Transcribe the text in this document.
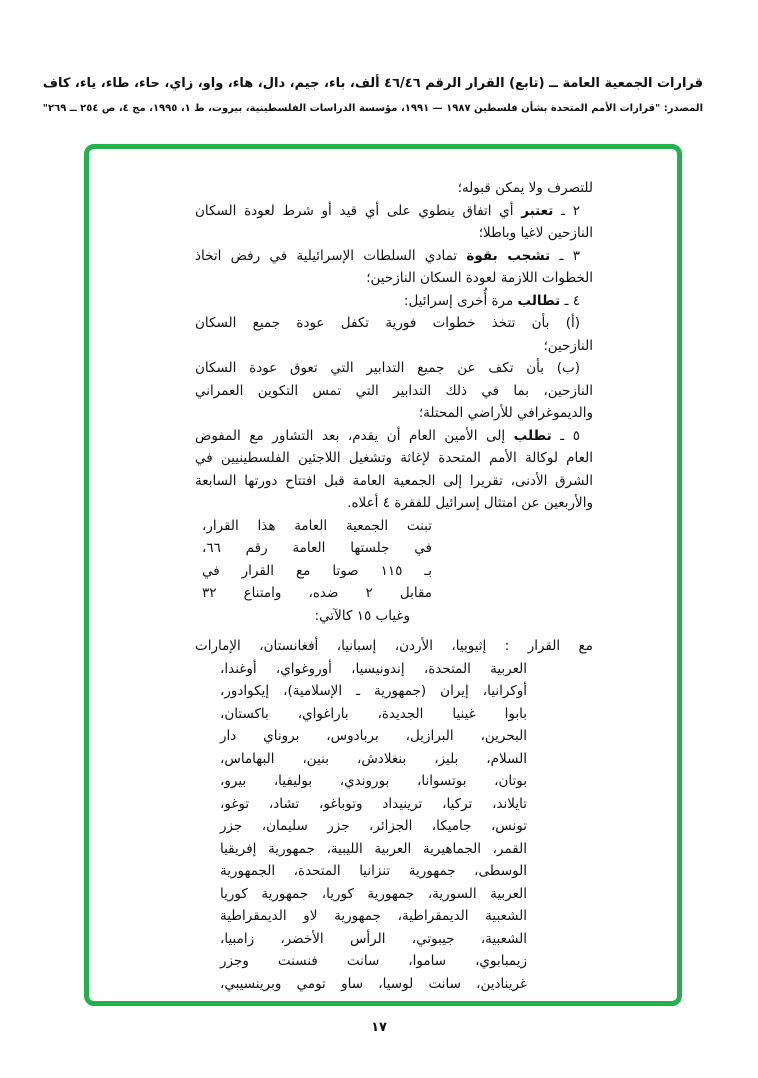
قرارات الجمعية العامة ــ (تابع) القرار الرقم ٤٦/٤٦ ألف، باء، جيم، دال، هاء، واو، زاي، حاء، طاء، ياء، كاف
المصدر: "قرارات الأمم المتحدة بشأن فلسطين ١٩٨٧ — ١٩٩١، مؤسسة الدراسات الفلسطينية، بيروت، ط ١، ١٩٩٥، مج ٤، ص ٢٥٤ ــ ٢٦٩"
للتصرف ولا يمكن قبوله؛
٢ ـ تعتبر أي اتفاق ينطوي على أي قيد أو شرط لعودة السكان
النازحين لاغيا وباطلا؛
٣ ـ تشجب بقوة تمادي السلطات الإسرائيلية في رفض اتخاذ
الخطوات اللازمة لعودة السكان النازحين؛
٤ ـ تطالب مرة أُخرى إسرائيل:
(أ) بأن تتخذ خطوات فورية تكفل عودة جميع السكان
النازحين؛
(ب) بأن تكف عن جميع التدابير التي تعوق عودة السكان
النازحين، بما في ذلك التدابير التي تمس التكوين العمراني
والديموغرافي للأراضي المحتلة؛
٥ ـ تطلب إلى الأمين العام أن يقدم، بعد التشاور مع المفوض
العام لوكالة الأمم المتحدة لإغاثة وتشغيل اللاجئين الفلسطينيين في
الشرق الأدنى، تقريرا إلى الجمعية العامة قبل افتتاح دورتها السابعة
والأربعين عن امتثال إسرائيل للفقرة ٤ أعلاه.
تبنت الجمعية العامة هذا القرار،
في جلستها العامة رقم ٦٦،
بـ ١١٥ صوتا مع القرار في
مقابل ٢ ضده، وامتناع ٣٢
وغياب ١٥ كالآتي:
مع القرار : إثيوبيا، الأردن، إسبانيا، أفغانستان، الإمارات
العربية المتحدة، إندونيسيا، أوروغواي، أوغندا،
أوكرانيا، إيران (جمهورية ـ الإسلامية)، إيكوادور،
بابوا غينيا الجديدة، باراغواي، باكستان،
البحرين، البرازيل، بربادوس، بروناي دار
السلام، بليز، بنغلادش، بنين، البهاماس،
بوتان، بوتسوانا، بوروندي، بوليفيا، بيرو،
تايلاند، تركيا، ترينيداد وتوباغو، تشاد، توغو،
تونس، جاميكا، الجزائر، جزر سليمان، جزر
القمر، الجماهيرية العربية الليبية، جمهورية إفريقيا
الوسطى، جمهورية تنزانيا المتحدة، الجمهورية
العربية السورية، جمهورية كوريا، جمهورية كوريا
الشعبية الديمقراطية، جمهورية لاو الديمقراطية
الشعبية، جيبوتي، الرأس الأخضر، زامبيا،
زيمبابوي، ساموا، سانت فنسنت وجزر
غرينادين، سانت لوسيا، ساو تومي وبرينسيبي،
١٧
